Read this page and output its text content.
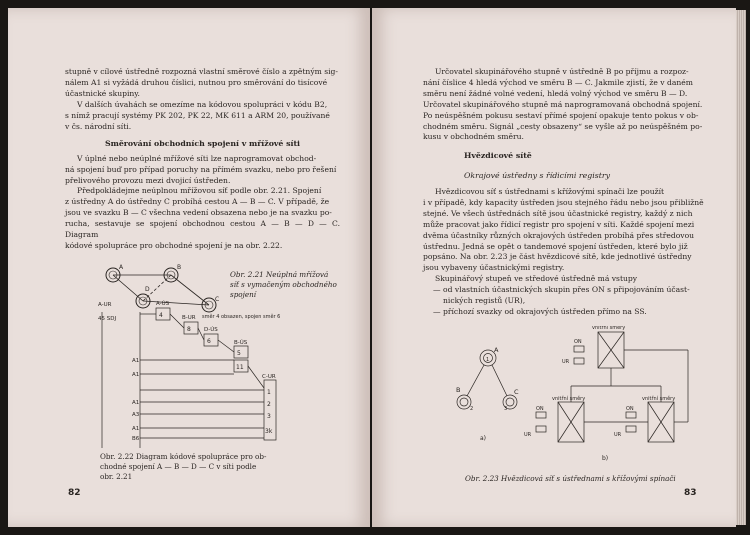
stupně v cílové ústředně rozpozná vlastní směrové číslo a zpětným sig-

nálem A1 si vyžádá druhou číslici, nutnou pro směrování do tisícové

účastnické skupiny.

V dalších úvahách se omezíme na kódovou spolupráci v kódu B2,

s nímž pracují systémy PK 202, PK 22, MK 611 a ARM 20, používané

v čs. národní síti.

Směrování obchodních spojení v mřížové síti

V úplné nebo neúplné mřížové síti lze naprogramovat obchod-

ná spojení buď pro případ poruchy na přímém svazku, nebo pro řešení

přelivového provozu mezi dvojicí ústředen.

Předpokládejme neúplnou mřížovou síť podle obr. 2.21. Spojení

z ústředny A do ústředny C probíhá cestou A — B — C. V případě, že

jsou ve svazku B — C všechna vedení obsazena nebo je na svazku po-

rucha, sestavuje se spojení obchodnou cestou A — B — D — C. Diagram

kódové spolupráce pro obchodné spojení je na obr. 2.22.

A	B
D
C
Obr. 2.21 Neúplná mřížová
síť s vymačeným obchodného
spojení
A-UR
45 SDJ
A-ÚS
B-UR
D-ÚS
směr 4 obsazen, spojen směr 6
B-ÚS
C-UR
4
8
6
5
11
1
2
3
3k
A1
A1
A1
A3
A1
B6
Obr. 2.22 Diagram kódové spolupráce pro ob-
chodné spojení A — B — D — C v síti podle
obr. 2.21
82

Určovatel skupinářového stupně v ústředně B po příjmu a rozpoz-

nání číslice 4 hledá východ ve směru B — C. Jakmile zjistí, že v daném

směru není žádné volné vedení, hledá volný východ ve směru B — D.

Určovatel skupinářového stupně má naprogramovaná obchodná spojení.

Po neúspěšném pokusu sestaví přímé spojení opakuje tento pokus v ob-

chodném směru. Signál „cesty obsazeny“ se vyšle až po neúspěšném po-

kusu v obchodném směru.

Hvězdicové sítě
Okrajové ústředny s řídicími registry

Hvězdicovou síť s ústřednami s křížovými spínači lze použít

i v případě, kdy kapacity ústředen jsou stejného řádu nebo jsou přibližně

stejné. Ve všech ústřednách sítě jsou účastnické registry, každý z nich

může pracovat jako řídicí registr pro spojení v síti. Každé spojení mezi

dvěma účastníky různých okrajových ústředen probíhá přes středovou

ústřednu. Jedná se opět o tandemové spojení ústředen, které bylo již

popsáno. Na obr. 2.23 je část hvězdicové sítě, kde jednotlivé ústředny

jsou vybaveny účastnickými registry.

Skupinářový stupeň ve středové ústředně má vstupy

— od vlastních účastnických skupin přes ON s připojováním účast-

nických registů (UR),

— příchozí svazky od okrajových ústředen přímo na SS.

A
B	C
1
2	3
a)
b)
vnitřní směry
vnitřní směry	vnitřní směry
ON
UR
ON
UR
ON
UR
Obr. 2.23 Hvězdicová síť s ústřednami s křížovými spínači
83
